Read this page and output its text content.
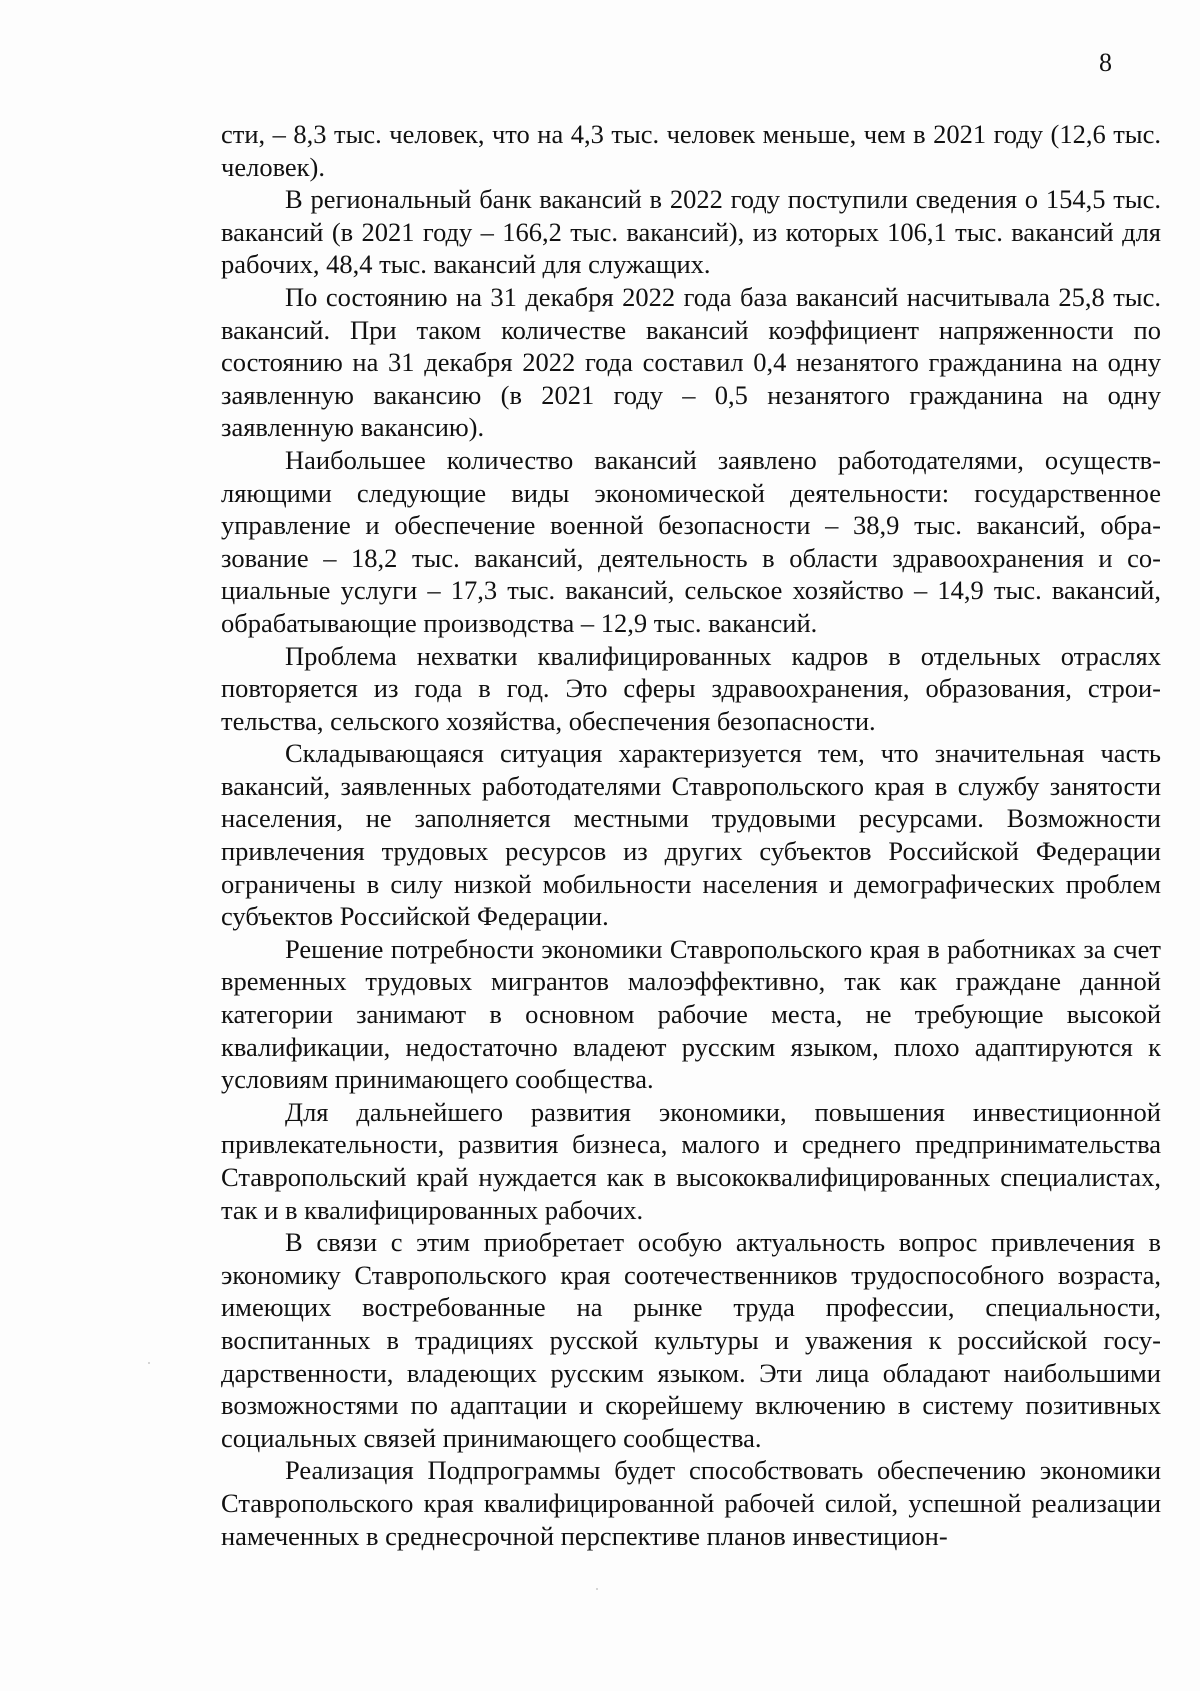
8

сти, – 8,3 тыс. человек, что на 4,3 тыс. человек меньше, чем в 2021 году (12,6 тыс. человек).

В региональный банк вакансий в 2022 году поступили сведения о 154,5 тыс. вакансий (в 2021 году – 166,2 тыс. вакансий), из которых 106,1 тыс. вакансий для рабочих, 48,4 тыс. вакансий для служащих.

По состоянию на 31 декабря 2022 года база вакансий насчитывала 25,8 тыс. вакансий. При таком количестве вакансий коэффициент напряженности по состоянию на 31 декабря 2022 года составил 0,4 незанятого гражданина на одну заявленную вакансию (в 2021 году – 0,5 незанятого гражданина на одну заявленную вакансию).

Наибольшее количество вакансий заявлено работодателями, осуществляющими следующие виды экономической деятельности: государственное управление и обеспечение военной безопасности – 38,9 тыс. вакансий, образование – 18,2 тыс. вакансий, деятельность в области здравоохранения и социальные услуги – 17,3 тыс. вакансий, сельское хозяйство – 14,9 тыс. вакансий, обрабатывающие производства – 12,9 тыс. вакансий.

Проблема нехватки квалифицированных кадров в отдельных отраслях повторяется из года в год. Это сферы здравоохранения, образования, строительства, сельского хозяйства, обеспечения безопасности.

Складывающаяся ситуация характеризуется тем, что значительная часть вакансий, заявленных работодателями Ставропольского края в службу занятости населения, не заполняется местными трудовыми ресурсами. Возможности привлечения трудовых ресурсов из других субъектов Российской Федерации ограничены в силу низкой мобильности населения и демографических проблем субъектов Российской Федерации.

Решение потребности экономики Ставропольского края в работниках за счет временных трудовых мигрантов малоэффективно, так как граждане данной категории занимают в основном рабочие места, не требующие высокой квалификации, недостаточно владеют русским языком, плохо адаптируются к условиям принимающего сообщества.

Для дальнейшего развития экономики, повышения инвестиционной привлекательности, развития бизнеса, малого и среднего предпринимательства Ставропольский край нуждается как в высококвалифицированных специалистах, так и в квалифицированных рабочих.

В связи с этим приобретает особую актуальность вопрос привлечения в экономику Ставропольского края соотечественников трудоспособного возраста, имеющих востребованные на рынке труда профессии, специальности, воспитанных в традициях русской культуры и уважения к российской государственности, владеющих русским языком. Эти лица обладают наибольшими возможностями по адаптации и скорейшему включению в систему позитивных социальных связей принимающего сообщества.

Реализация Подпрограммы будет способствовать обеспечению экономики Ставропольского края квалифицированной рабочей силой, успешной реализации намеченных в среднесрочной перспективе планов инвестицион-
